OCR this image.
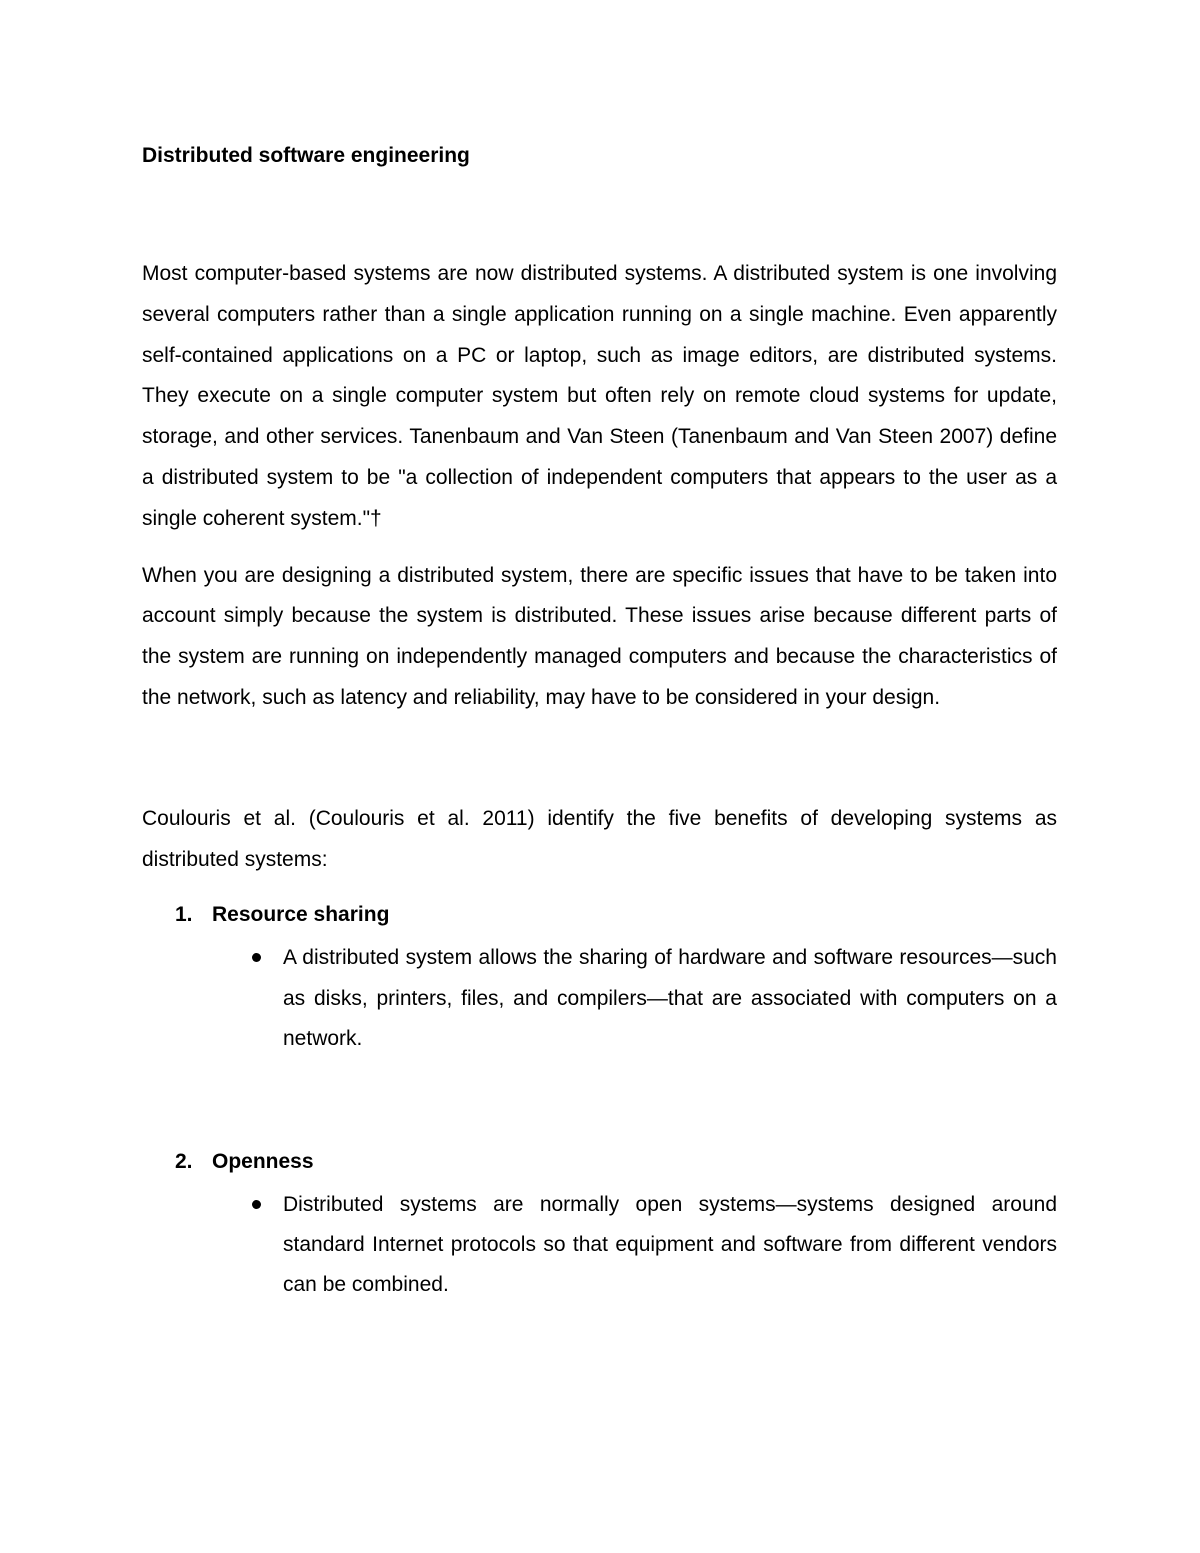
Distributed software engineering

Most computer-based systems are now distributed systems. A distributed system is one involving several computers rather than a single application running on a single machine. Even apparently self-contained applications on a PC or laptop, such as image editors, are distributed systems. They execute on a single computer system but often rely on remote cloud systems for update, storage, and other services. Tanenbaum and Van Steen (Tanenbaum and Van Steen 2007) define a distributed system to be "a collection of independent computers that appears to the user as a single coherent system."†

When you are designing a distributed system, there are specific issues that have to be taken into account simply because the system is distributed. These issues arise because different parts of the system are running on independently managed computers and because the characteristics of the network, such as latency and reliability, may have to be considered in your design.

Coulouris et al. (Coulouris et al. 2011) identify the five benefits of developing systems as distributed systems:

1. Resource sharing

A distributed system allows the sharing of hardware and software resources—such as disks, printers, files, and compilers—that are associated with computers on a network.

2. Openness

Distributed systems are normally open systems—systems designed around standard Internet protocols so that equipment and software from different vendors can be combined.
